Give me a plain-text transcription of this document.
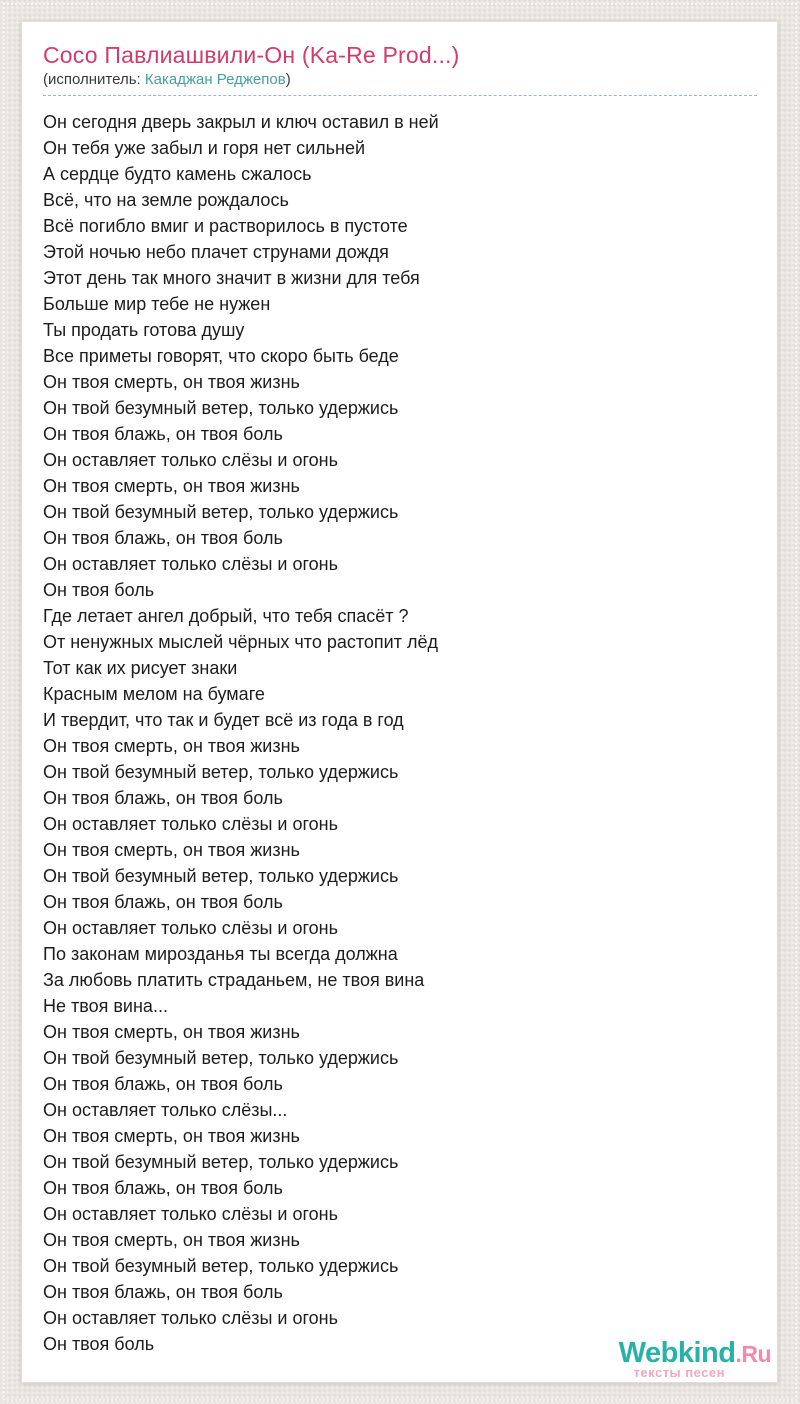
Сосо Павлиашвили-Он (Ka-Re Prod...)
(исполнитель: Какаджан Реджепов)
Он сегодня дверь закрыл и ключ оставил в ней
Он тебя уже забыл и горя нет сильней
А сердце будто камень сжалось
Всё, что на земле рождалось
Всё погибло вмиг и растворилось в пустоте
Этой ночью небо плачет струнами дождя
Этот день так много значит в жизни для тебя
Больше мир тебе не нужен
Ты продать готова душу
Все приметы говорят, что скоро быть беде
Он твоя смерть, он твоя жизнь
Он твой безумный ветер, только удержись
Он твоя блажь, он твоя боль
Он оставляет только слёзы и огонь
Он твоя смерть, он твоя жизнь
Он твой безумный ветер, только удержись
Он твоя блажь, он твоя боль
Он оставляет только слёзы и огонь
Он твоя боль
Где летает ангел добрый, что тебя спасёт ?
От ненужных мыслей чёрных что растопит лёд
Тот как их рисует знаки
Красным мелом на бумаге
И твердит, что так и будет всё из года в год
Он твоя смерть, он твоя жизнь
Он твой безумный ветер, только удержись
Он твоя блажь, он твоя боль
Он оставляет только слёзы и огонь
Он твоя смерть, он твоя жизнь
Он твой безумный ветер, только удержись
Он твоя блажь, он твоя боль
Он оставляет только слёзы и огонь
По законам мирозданья ты всегда должна
За любовь платить страданьем, не твоя вина
Не твоя вина...
Он твоя смерть, он твоя жизнь
Он твой безумный ветер, только удержись
Он твоя блажь, он твоя боль
Он оставляет только слёзы...
Он твоя смерть, он твоя жизнь
Он твой безумный ветер, только удержись
Он твоя блажь, он твоя боль
Он оставляет только слёзы и огонь
Он твоя смерть, он твоя жизнь
Он твой безумный ветер, только удержись
Он твоя блажь, он твоя боль
Он оставляет только слёзы и огонь
Он твоя боль	Webkind.Ru
тексты песен
